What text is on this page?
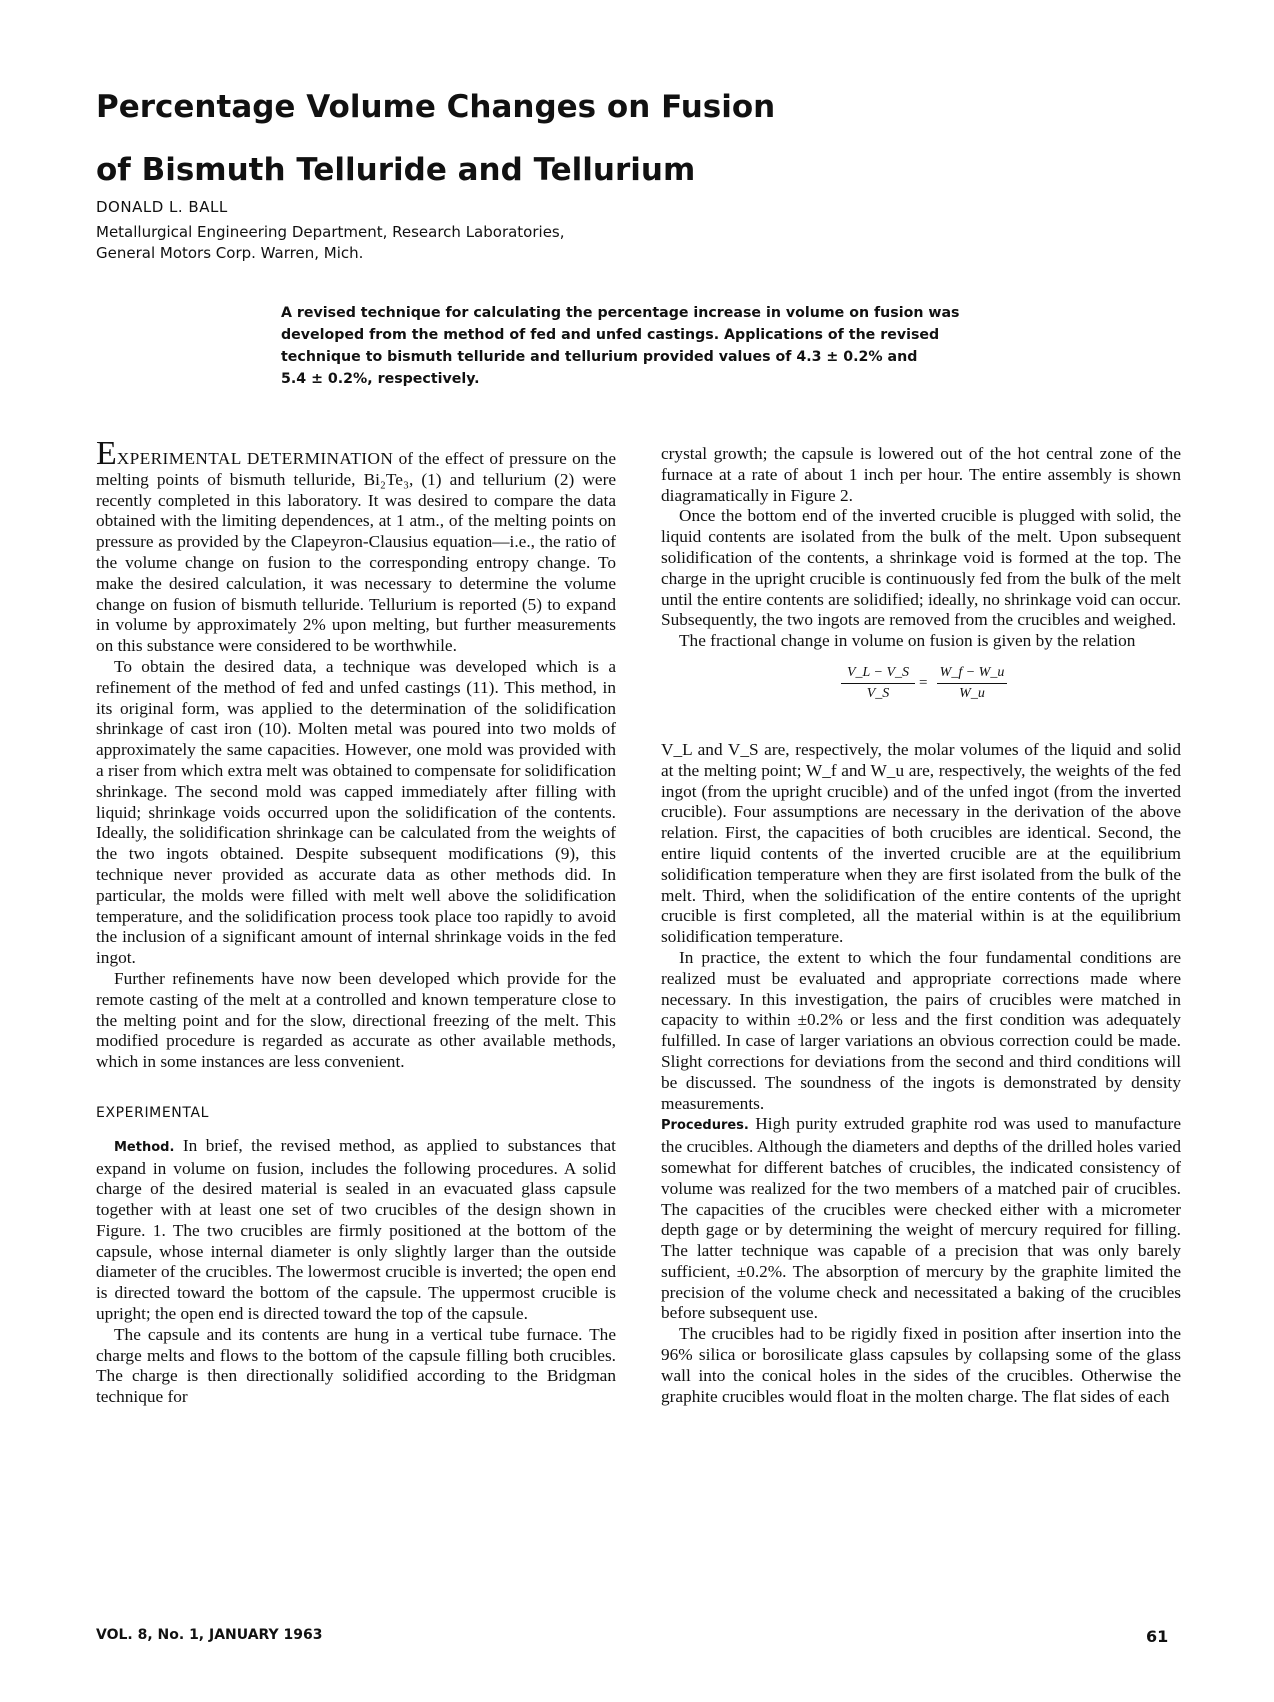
Percentage Volume Changes on Fusion
of Bismuth Telluride and Tellurium
DONALD L. BALL
Metallurgical Engineering Department, Research Laboratories,
General Motors Corp. Warren, Mich.
A revised technique for calculating the percentage increase in volume on fusion was
developed from the method of fed and unfed castings. Applications of the revised
technique to bismuth telluride and tellurium provided values of 4.3 ± 0.2% and
5.4 ± 0.2%, respectively.

EXPERIMENTAL DETERMINATION of the effect of pressure on the melting points of bismuth telluride, Bi₂Te₃, (1) and tellurium (2) were recently completed in this laboratory. It was desired to compare the data obtained with the limiting dependences, at 1 atm., of the melting points on pressure as provided by the Clapeyron-Clausius equation—i.e., the ratio of the volume change on fusion to the corresponding entropy change. To make the desired calculation, it was necessary to determine the volume change on fusion of bismuth telluride. Tellurium is reported (5) to expand in volume by approximately 2% upon melting, but further measurements on this substance were considered to be worthwhile.

To obtain the desired data, a technique was developed which is a refinement of the method of fed and unfed castings (11). This method, in its original form, was applied to the determination of the solidification shrinkage of cast iron (10). Molten metal was poured into two molds of approximately the same capacities. However, one mold was provided with a riser from which extra melt was obtained to compensate for solidification shrinkage. The second mold was capped immediately after filling with liquid; shrinkage voids occurred upon the solidification of the contents. Ideally, the solidification shrinkage can be calculated from the weights of the two ingots obtained. Despite subsequent modifications (9), this technique never provided as accurate data as other methods did. In particular, the molds were filled with melt well above the solidification temperature, and the solidification process took place too rapidly to avoid the inclusion of a significant amount of internal shrinkage voids in the fed ingot.

Further refinements have now been developed which provide for the remote casting of the melt at a controlled and known temperature close to the melting point and for the slow, directional freezing of the melt. This modified procedure is regarded as accurate as other available methods, which in some instances are less convenient.

EXPERIMENTAL

Method. In brief, the revised method, as applied to substances that expand in volume on fusion, includes the following procedures. A solid charge of the desired material is sealed in an evacuated glass capsule together with at least one set of two crucibles of the design shown in Figure. 1. The two crucibles are firmly positioned at the bottom of the capsule, whose internal diameter is only slightly larger than the outside diameter of the crucibles. The lowermost crucible is inverted; the open end is directed toward the bottom of the capsule. The uppermost crucible is upright; the open end is directed toward the top of the capsule.

The capsule and its contents are hung in a vertical tube furnace. The charge melts and flows to the bottom of the capsule filling both crucibles. The charge is then directionally solidified according to the Bridgman technique for

crystal growth; the capsule is lowered out of the hot central zone of the furnace at a rate of about 1 inch per hour. The entire assembly is shown diagramatically in Figure 2.

Once the bottom end of the inverted crucible is plugged with solid, the liquid contents are isolated from the bulk of the melt. Upon subsequent solidification of the contents, a shrinkage void is formed at the top. The charge in the upright crucible is continuously fed from the bulk of the melt until the entire contents are solidified; ideally, no shrinkage void can occur. Subsequently, the two ingots are removed from the crucibles and weighed.

The fractional change in volume on fusion is given by the relation

$\frac{V\_L - V\_S}{V\_S} = \frac{W\_f - W\_u}{W\_u}$

V_L and V_S are, respectively, the molar volumes of the liquid and solid at the melting point; W_f and W_u are, respectively, the weights of the fed ingot (from the upright crucible) and of the unfed ingot (from the inverted crucible). Four assumptions are necessary in the derivation of the above relation. First, the capacities of both crucibles are identical. Second, the entire liquid contents of the inverted crucible are at the equilibrium solidification temperature when they are first isolated from the bulk of the melt. Third, when the solidification of the entire contents of the upright crucible is first completed, all the material within is at the equilibrium solidification temperature.

In practice, the extent to which the four fundamental conditions are realized must be evaluated and appropriate corrections made where necessary. In this investigation, the pairs of crucibles were matched in capacity to within ±0.2% or less and the first condition was adequately fulfilled. In case of larger variations an obvious correction could be made. Slight corrections for deviations from the second and third conditions will be discussed. The soundness of the ingots is demonstrated by density measurements.

Procedures. High purity extruded graphite rod was used to manufacture the crucibles. Although the diameters and depths of the drilled holes varied somewhat for different batches of crucibles, the indicated consistency of volume was realized for the two members of a matched pair of crucibles. The capacities of the crucibles were checked either with a micrometer depth gage or by determining the weight of mercury required for filling. The latter technique was capable of a precision that was only barely sufficient, ±0.2%. The absorption of mercury by the graphite limited the precision of the volume check and necessitated a baking of the crucibles before subsequent use.

The crucibles had to be rigidly fixed in position after insertion into the 96% silica or borosilicate glass capsules by collapsing some of the glass wall into the conical holes in the sides of the crucibles. Otherwise the graphite crucibles would float in the molten charge. The flat sides of each

VOL. 8, No. 1, JANUARY 1963	61
